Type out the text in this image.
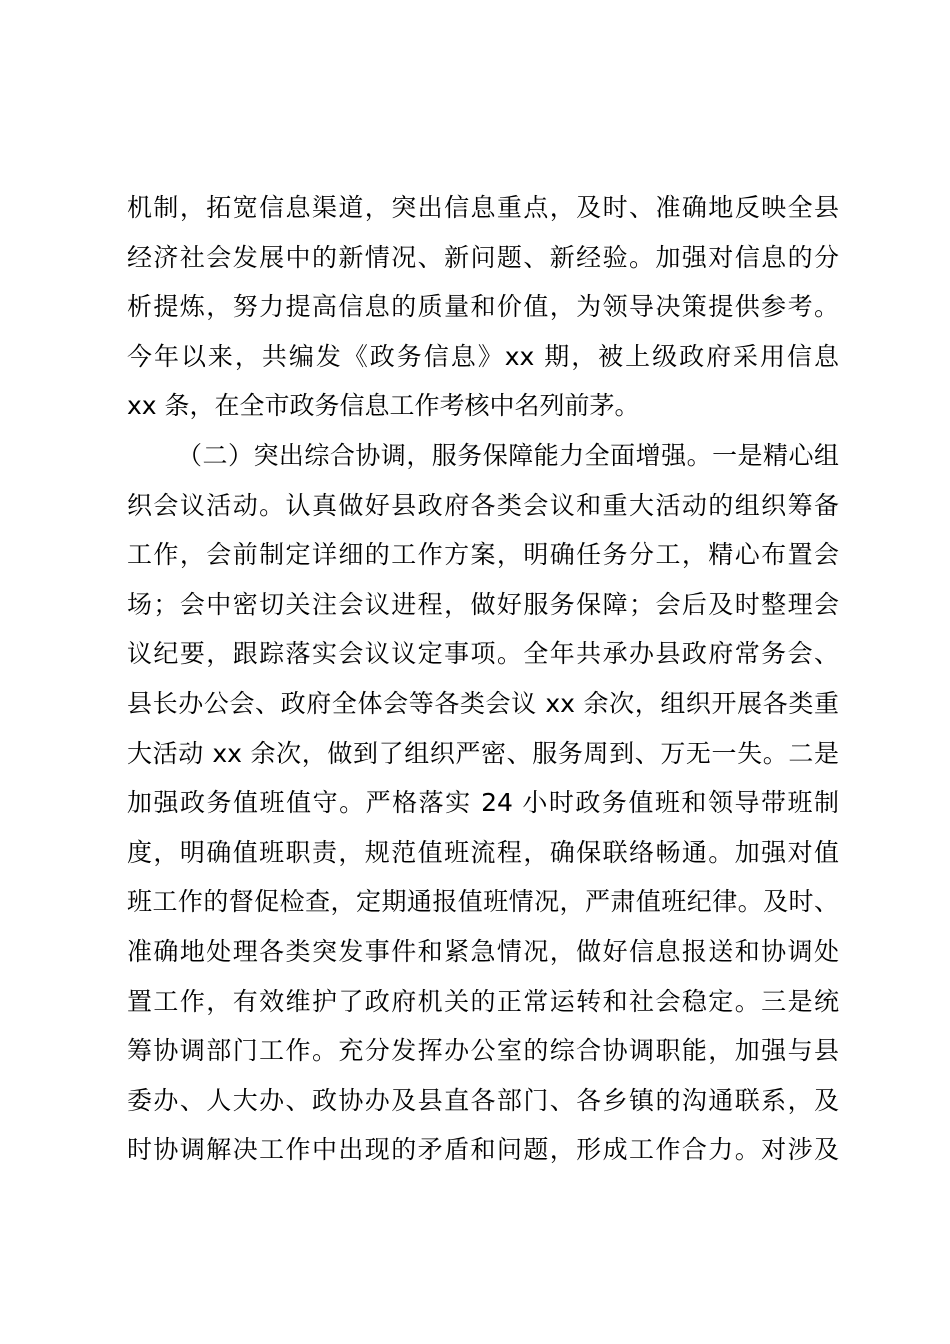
机制，拓宽信息渠道，突出信息重点，及时、准确地反映全县
经济社会发展中的新情况、新问题、新经验。加强对信息的分
析提炼，努力提高信息的质量和价值，为领导决策提供参考。
今年以来，共编发《政务信息》xx 期，被上级政府采用信息
xx 条，在全市政务信息工作考核中名列前茅。
（二）突出综合协调，服务保障能力全面增强。一是精心组
织会议活动。认真做好县政府各类会议和重大活动的组织筹备
工作，会前制定详细的工作方案，明确任务分工，精心布置会
场；会中密切关注会议进程，做好服务保障；会后及时整理会
议纪要，跟踪落实会议议定事项。全年共承办县政府常务会、
县长办公会、政府全体会等各类会议 xx 余次，组织开展各类重
大活动 xx 余次，做到了组织严密、服务周到、万无一失。二是
加强政务值班值守。严格落实 24 小时政务值班和领导带班制
度，明确值班职责，规范值班流程，确保联络畅通。加强对值
班工作的督促检查，定期通报值班情况，严肃值班纪律。及时、
准确地处理各类突发事件和紧急情况，做好信息报送和协调处
置工作，有效维护了政府机关的正常运转和社会稳定。三是统
筹协调部门工作。充分发挥办公室的综合协调职能，加强与县
委办、人大办、政协办及县直各部门、各乡镇的沟通联系，及
时协调解决工作中出现的矛盾和问题，形成工作合力。对涉及
